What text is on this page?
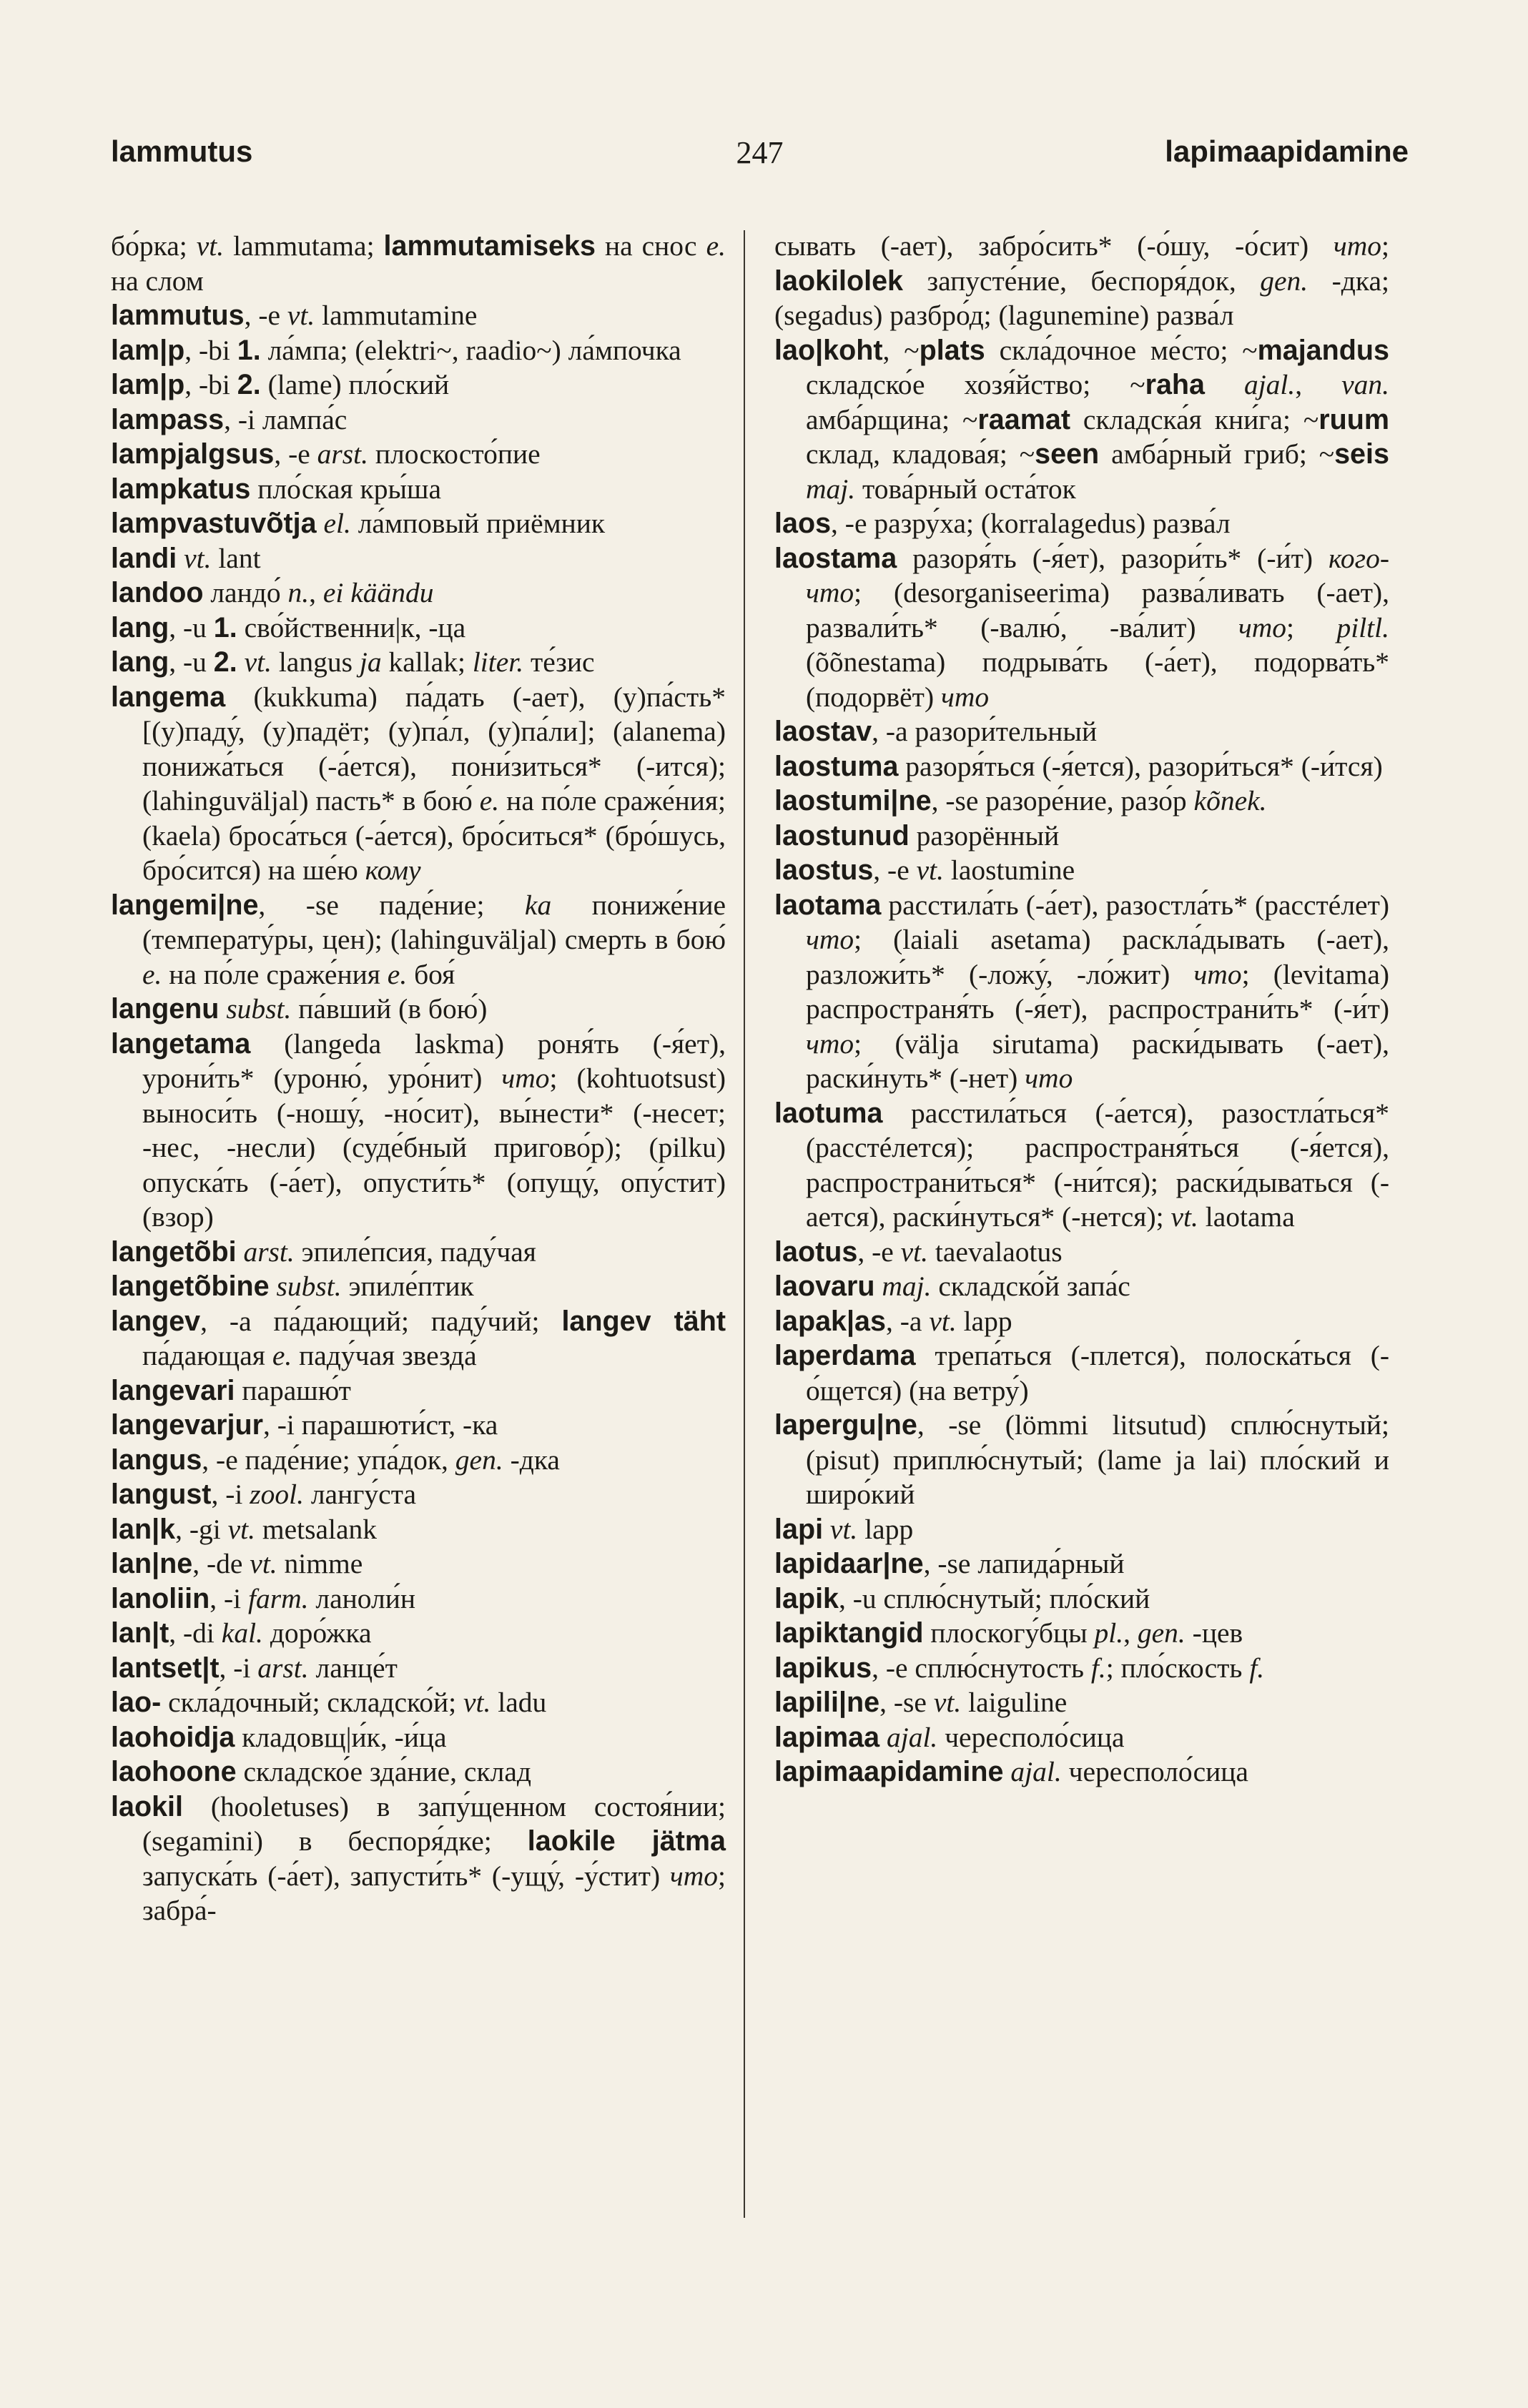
lammutus	247	lapimaapidamine

бо́рка; vt. lammutama; lammutamiseks на снос e. на слом

lammutus, -e vt. lammutamine

lam|p, -bi 1. ла́мпа; (elektri~, raadio~) ла́мпочка

lam|p, -bi 2. (lame) пло́ский

lampass, -i лампа́с

lampjalgsus, -e arst. плоскосто́пие

lampkatus пло́ская кры́ша

lampvastuvõtja el. ла́мповый приёмник

landi vt. lant

landoo ландо́ n., ei käändu

lang, -u 1. сво́йственни|к, -ца

lang, -u 2. vt. langus ja kallak; liter. те́зис

langema (kukkuma) па́дать (-ает), (у)па́сть* [(у)паду́, (у)падёт; (у)па́л, (у)па́ли]; (alanema) понижа́ться (-а́ется), пони́зиться* (-ится); (lahinguväljal) пасть* в бою́ e. на по́ле сраже́ния; (kaela) броса́ться (-а́ется), бро́ситься* (бро́шусь, бро́сится) на ше́ю кому

langemi|ne, -se паде́ние; ka пониже́ние (температу́ры, цен); (lahinguväljal) смерть в бою́ e. на по́ле сраже́ния e. боя́

langenu subst. па́вший (в бою́)

langetama (langeda laskma) роня́ть (-я́ет), урони́ть* (уроню́, уро́нит) что; (kohtuotsust) выноси́ть (-ношу́, -но́сит), вы́нести* (-несет; -нес, -несли) (суде́бный пригово́р); (pilku) опуска́ть (-а́ет), опусти́ть* (опущу́, опу́стит) (взор)

langetõbi arst. эпиле́псия, паду́чая

langetõbine subst. эпиле́птик

langev, -a па́дающий; паду́чий; langev täht па́дающая e. паду́чая звезда́

langevari парашю́т

langevarjur, -i парашюти́ст, -ка

langus, -e паде́ние; упа́док, gen. -дка

langust, -i zool. лангу́ста

lan|k, -gi vt. metsalank

lan|ne, -de vt. nimme

lanoliin, -i farm. ланоли́н

lan|t, -di kal. доро́жка

lantset|t, -i arst. ланце́т

lao- скла́дочный; складско́й; vt. ladu

laohoidja кладовщ|и́к, -и́ца

laohoone складско́е зда́ние, склад

laokil (hooletuses) в запу́щенном состоя́нии; (segamini) в беспоря́дке; laokile jätma запуска́ть (-а́ет), запусти́ть* (-ущу́, -у́стит) что; забра́-

сывать (-ает), забро́сить* (-о́шу, -о́сит) что; laokilolek запусте́ние, беспоря́док, gen. -дка; (segadus) разбро́д; (lagunemine) разва́л

lao|koht, ~plats скла́дочное ме́сто; ~majandus складско́е хозя́йство; ~raha ajal., van. амба́рщина; ~raamat складска́я кни́га; ~ruum склад, кладова́я; ~seen амба́рный гриб; ~seis maj. това́рный оста́ток

laos, -e разру́ха; (korralagedus) разва́л

laostama разоря́ть (-я́ет), разори́ть* (-и́т) кого-что; (desorganiseerima) разва́ливать (-ает), развали́ть* (-валю́, -ва́лит) что; piltl. (õõnestama) подрыва́ть (-а́ет), подорва́ть* (подорвёт) что

laostav, -a разори́тельный

laostuma разоря́ться (-я́ется), разори́ться* (-и́тся)

laostumi|ne, -se разоре́ние, разо́р kõnek.

laostunud разорённый

laostus, -e vt. laostumine

laotama расстила́ть (-а́ет), разостла́ть* (расстéлет) что; (laiali asetama) раскла́дывать (-ает), разложи́ть* (-ложу́, -ло́жит) что; (levitama) распространя́ть (-я́ет), распространи́ть* (-и́т) что; (välja sirutama) раски́дывать (-ает), раски́нуть* (-нет) что

laotuma расстила́ться (-а́ется), разостла́ться* (расстéлется); распространя́ться (-я́ется), распространи́ться* (-ни́тся); раски́дываться (-ается), раски́нуться* (-нется); vt. laotama

laotus, -e vt. taevalaotus

laovaru maj. складско́й запа́с

lapak|as, -a vt. lapp

laperdama трепа́ться (-плется), полоска́ться (-о́щется) (на ветру́)

lapergu|ne, -se (lömmi litsutud) сплю́снутый; (pisut) приплю́снутый; (lame ja lai) пло́ский и широ́кий

lapi vt. lapp

lapidaar|ne, -se лапида́рный

lapik, -u сплю́снутый; пло́ский

lapiktangid плоскогу́бцы pl., gen. -цев

lapikus, -e сплю́снутость f.; пло́скость f.

lapili|ne, -se vt. laiguline

lapimaa ajal. чересполо́сица

lapimaapidamine ajal. чересполо́сица
